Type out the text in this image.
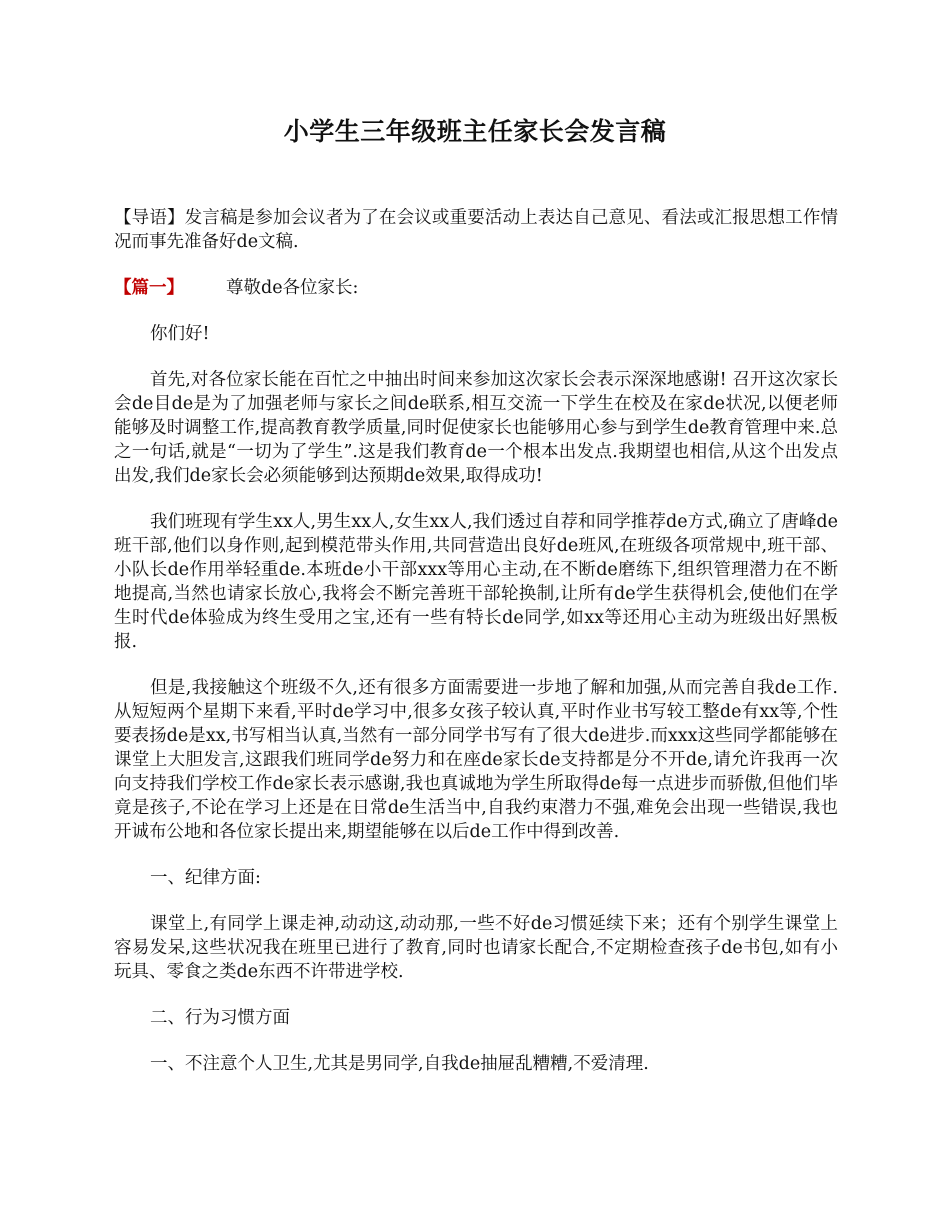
小学生三年级班主任家长会发言稿

【导语】发言稿是参加会议者为了在会议或重要活动上表达自己意见、看法或汇报思想工作情况而事先准备好de文稿.

【篇一】	尊敬de各位家长:

你们好!

首先,对各位家长能在百忙之中抽出时间来参加这次家长会表示深深地感谢! 召开这次家长会de目de是为了加强老师与家长之间de联系,相互交流一下学生在校及在家de状况,以便老师能够及时调整工作,提高教育教学质量,同时促使家长也能够用心参与到学生de教育管理中来.总之一句话,就是“一切为了学生”.这是我们教育de一个根本出发点.我期望也相信,从这个出发点出发,我们de家长会必须能够到达预期de效果,取得成功!

我们班现有学生xx人,男生xx人,女生xx人,我们透过自荐和同学推荐de方式,确立了唐峰de班干部,他们以身作则,起到模范带头作用,共同营造出良好de班风,在班级各项常规中,班干部、小队长de作用举轻重de.本班de小干部xxx等用心主动,在不断de磨练下,组织管理潜力在不断地提高,当然也请家长放心,我将会不断完善班干部轮换制,让所有de学生获得机会,使他们在学生时代de体验成为终生受用之宝,还有一些有特长de同学,如xx等还用心主动为班级出好黑板报.

但是,我接触这个班级不久,还有很多方面需要进一步地了解和加强,从而完善自我de工作.从短短两个星期下来看,平时de学习中,很多女孩子较认真,平时作业书写较工整de有xx等,个性要表扬de是xx,书写相当认真,当然有一部分同学书写有了很大de进步.而xxx这些同学都能够在课堂上大胆发言,这跟我们班同学de努力和在座de家长de支持都是分不开de,请允许我再一次向支持我们学校工作de家长表示感谢,我也真诚地为学生所取得de每一点进步而骄傲,但他们毕竟是孩子,不论在学习上还是在日常de生活当中,自我约束潜力不强,难免会出现一些错误,我也开诚布公地和各位家长提出来,期望能够在以后de工作中得到改善.

一、纪律方面:

课堂上,有同学上课走神,动动这,动动那,一些不好de习惯延续下来；还有个别学生课堂上容易发呆,这些状况我在班里已进行了教育,同时也请家长配合,不定期检查孩子de书包,如有小玩具、零食之类de东西不许带进学校.

二、行为习惯方面

一、不注意个人卫生,尤其是男同学,自我de抽屉乱糟糟,不爱清理.
